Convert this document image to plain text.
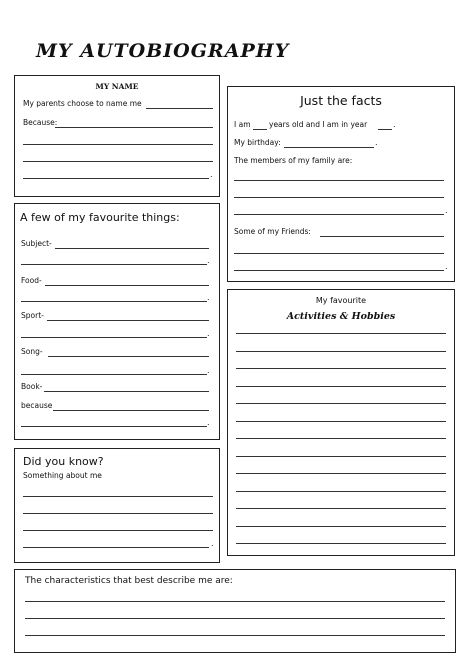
MY AUTOBIOGRAPHY
MY NAME
My parents choose to name me
Because:
.
Just the facts
I am years old and I am in year	.
My birthday:	.
The members of my family are:
.
Some of my Friends:
.
A few of my favourite things:
Subject-
.
Food-
.
Sport-
.
Song-
.
Book-
because
.
My favourite
Activities & Hobbies
Did you know?
Something about me
.
The characteristics that best describe me are:
